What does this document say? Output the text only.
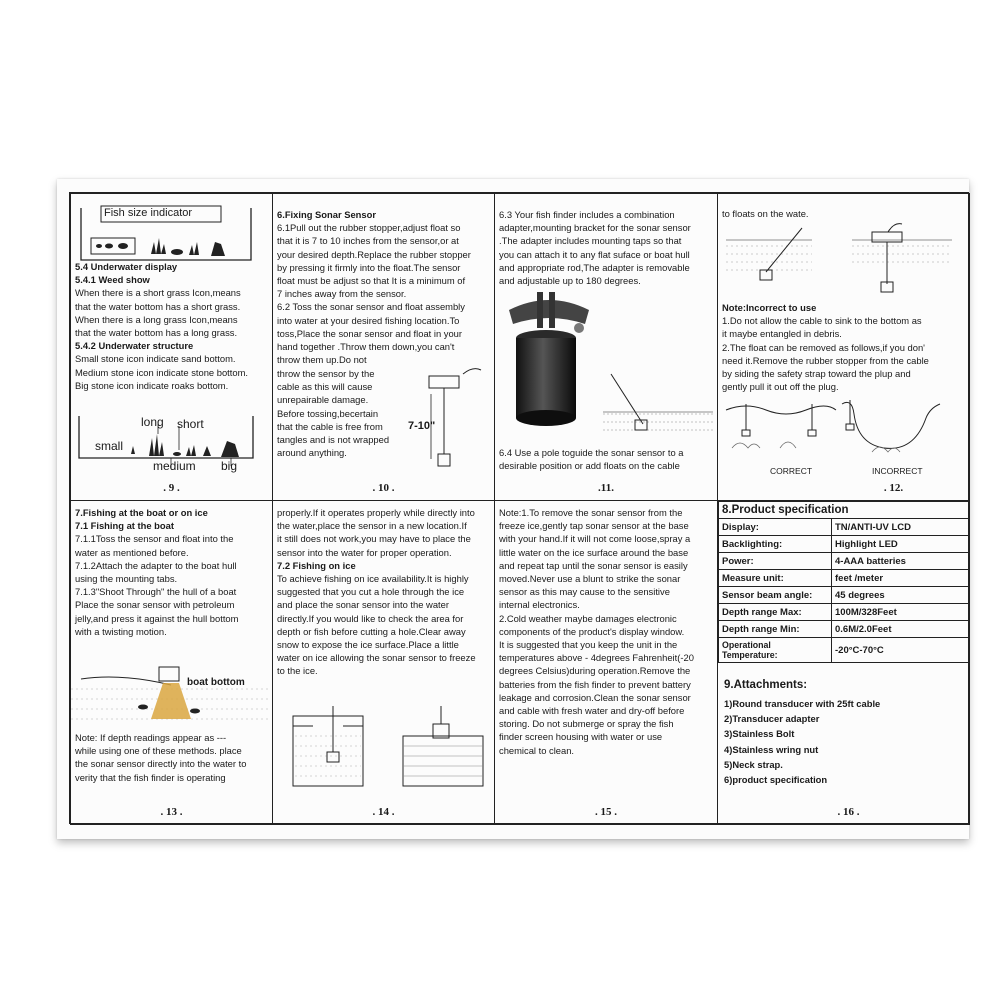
Fish size indicator

5.4 Underwater display

5.4.1 Weed show

When there is a short grass Icon,means

that the water bottom has a short grass.

When there is a long grass Icon,means

that the water bottom has a long grass.

5.4.2 Underwater structure

Small stone icon indicate sand bottom.

Medium stone icon indicate stone bottom.

Big stone icon indicate roaks bottom.

long short
small
medium big
. 9 .

6.Fixing Sonar Sensor

6.1Pull out the rubber stopper,adjust float so

that it is 7 to 10 inches from the sensor,or at

your desired depth.Replace the rubber stopper

by pressing it firmly into the float.The sensor

float must be adjust so that It is a minimum of

7 inches away from the sensor.

6.2 Toss the sonar sensor and float assembly

into water at your desired fishing location.To

toss,Place the sonar sensor and float in your

hand together .Throw them down,you can't

throw them up.Do not

throw the sensor by the

cable as this will cause

unrepairable damage.

Before tossing,becertain

that the cable is free from

tangles and is not wrapped

around anything.

7-10"
. 10 .

6.3 Your fish finder includes a combination

adapter,mounting bracket for the sonar sensor

.The adapter includes mounting taps so that

you can attach it to any flat suface or boat hull

and appropriate rod,The adapter is removable

and adjustable up to 180 degrees.

6.4 Use a pole toguide the sonar sensor to a

desirable position or add floats on the cable

.11.
to floats on the wate.

Note:Incorrect to use

1.Do not allow the cable to sink to the bottom as

it maybe entangled in debris.

2.The float can be removed as follows,if you don'

need it.Remove the rubber stopper from the cable

by siding the safety strap toward the plup and

gently pull it out off the plug.

CORRECT	INCORRECT
. 12.

7.Fishing at the boat or on ice

7.1 Fishing at the boat

7.1.1Toss the sensor and float into the

water as mentioned before.

7.1.2Attach the adapter to the boat hull

using the mounting tabs.

7.1.3"Shoot Through" the hull of a boat

Place the sonar sensor with petroleum

jelly,and press it against the hull bottom

with a twisting motion.

boat bottom

Note: If depth readings appear as ---

while using one of these methods. place

the sonar sensor directly into the water to

verity that the fish finder is operating

. 13 .

properly.If it operates properly while directly into

the water,place the sensor in a new location.If

it still does not work,you may have to place the

sensor into the water for proper operation.

7.2 Fishing on ice

To achieve fishing on ice availability.It is highly

suggested that you cut a hole through the ice

and place the sonar sensor into the water

directly.If you would like to check the area for

depth or fish before cutting a hole.Clear away

snow to expose the ice surface.Place a little

water on ice allowing the sonar sensor to freeze

to the ice.

. 14 .

Note:1.To remove the sonar sensor from the

freeze ice,gently tap sonar sensor at the base

with your hand.If it will not come loose,spray a

little water on the ice surface around the base

and repeat tap until the sonar sensor is easily

moved.Never use a blunt to strike the sonar

sensor as this may cause to the sensitive

internal electronics.

2.Cold weather maybe damages electronic

components of the product's display window.

It is suggested that you keep the unit in the

temperatures above - 4degrees Fahrenheit(-20

degrees Celsius)during operation.Remove the

batteries from the fish finder to prevent battery

leakage and corrosion.Clean the sonar sensor

and cable with fresh water and dry-off before

storing. Do not submerge or spray the fish

finder screen housing with water or use

chemical to clean.

. 15 .
8.Product specification	
Display:	TN/ANTI-UV LCD
Backlighting:	Highlight LED
Power:	4-AAA batteries
Measure unit:	feet /meter
Sensor beam angle:	45 degrees
Depth range Max:	100M/328Feet
Depth range Min:	0.6M/2.0Feet
Operational Temperature:	-20°C-70°C
9.Attachments:

1)Round transducer with 25ft cable

2)Transducer adapter

3)Stainless Bolt

4)Stainless wring nut

5)Neck strap.

6)product specification

. 16 .
